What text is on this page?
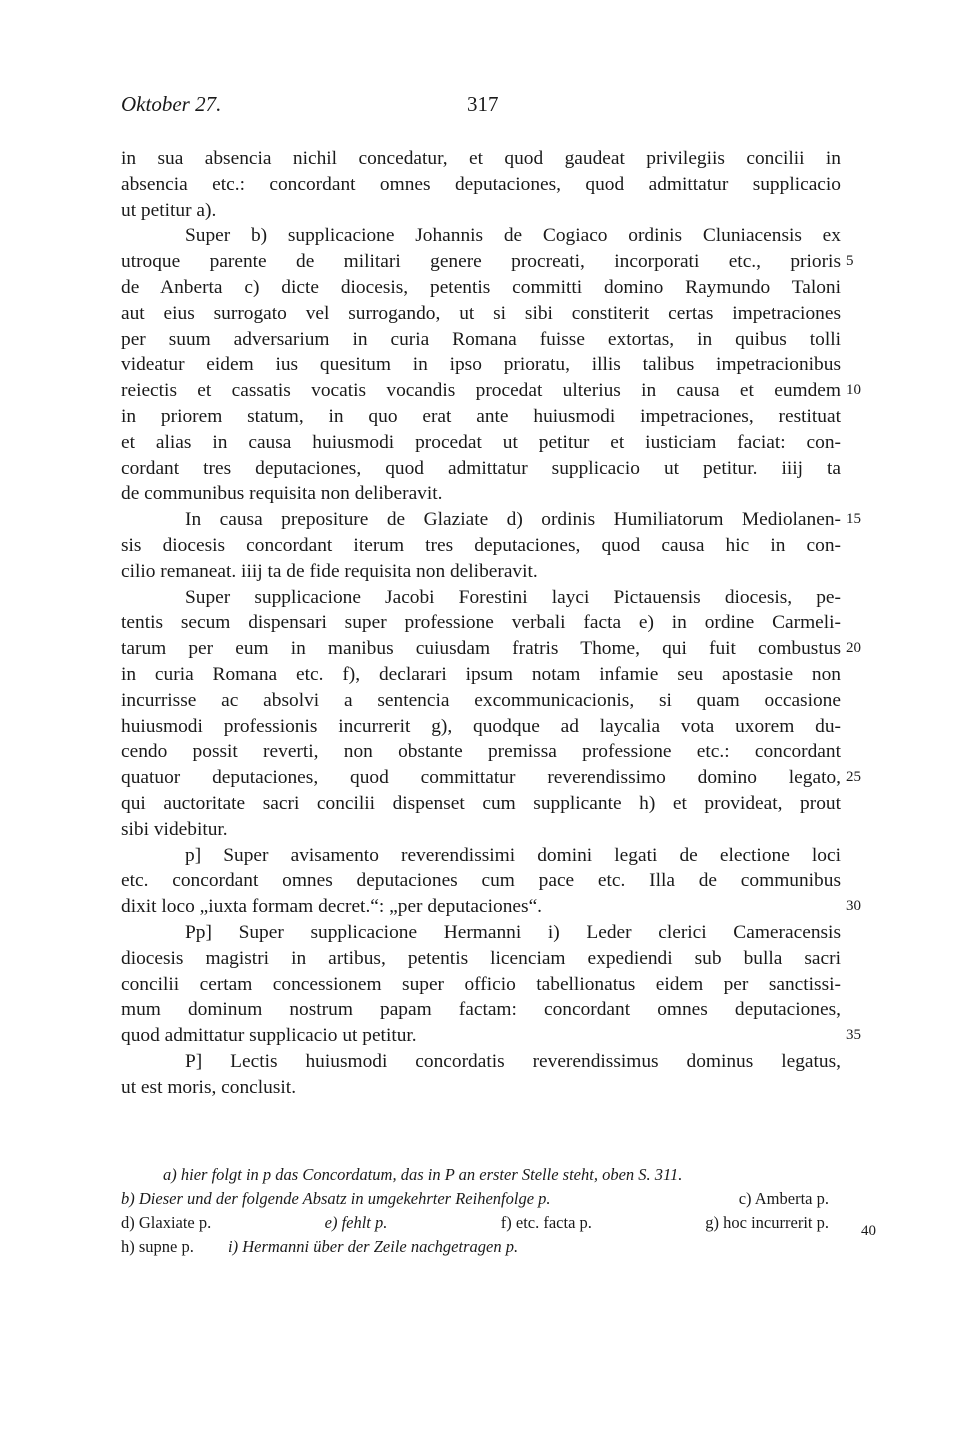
Oktober 27.	317
in sua absencia nichil concedatur, et quod gaudeat privilegiis concilii in
absencia etc.: concordant omnes deputaciones, quod admittatur supplicacio
ut petitur a).
Super b) supplicacione Johannis de Cogiaco ordinis Cluniacensis ex
utroque parente de militari genere procreati, incorporati etc., prioris 5
de Anberta c) dicte diocesis, petentis committi domino Raymundo Taloni
aut eius surrogato vel surrogando, ut si sibi constiterit certas impetraciones
per suum adversarium in curia Romana fuisse extortas, in quibus tolli
videatur eidem ius quesitum in ipso prioratu, illis talibus impetracionibus
reiectis et cassatis vocatis vocandis procedat ulterius in causa et eumdem 10
in priorem statum, in quo erat ante huiusmodi impetraciones, restituat
et alias in causa huiusmodi procedat ut petitur et iusticiam faciat: con-
cordant tres deputaciones, quod admittatur supplicacio ut petitur. iiij ta
de communibus requisita non deliberavit.
In causa prepositure de Glaziate d) ordinis Humiliatorum Mediolanen- 15
sis diocesis concordant iterum tres deputaciones, quod causa hic in con-
cilio remaneat. iiij ta de fide requisita non deliberavit.
Super supplicacione Jacobi Forestini layci Pictauensis diocesis, pe-
tentis secum dispensari super professione verbali facta e) in ordine Carmeli-
tarum per eum in manibus cuiusdam fratris Thome, qui fuit combustus 20
in curia Romana etc. f), declarari ipsum notam infamie seu apostasie non
incurrisse ac absolvi a sentencia excommunicacionis, si quam occasione
huiusmodi professionis incurrerit g), quodque ad laycalia vota uxorem du-
cendo possit reverti, non obstante premissa professione etc.: concordant
quatuor deputaciones, quod committatur reverendissimo domino legato, 25
qui auctoritate sacri concilii dispenset cum supplicante h) et provideat, prout
sibi videbitur.
p] Super avisamento reverendissimi domini legati de electione loci
etc. concordant omnes deputaciones cum pace etc. Illa de communibus
dixit loco „iuxta formam decret.“: „per deputaciones“.	30
Pp] Super supplicacione Hermanni i) Leder clerici Cameracensis
diocesis magistri in artibus, petentis licenciam expediendi sub bulla sacri
concilii certam concessionem super officio tabellionatus eidem per sanctissi-
mum dominum nostrum papam factam: concordant omnes deputaciones,
quod admittatur supplicacio ut petitur.	35
P] Lectis huiusmodi concordatis reverendissimus dominus legatus,
ut est moris, conclusit.
a) hier folgt in p das Concordatum, das in P an erster Stelle steht, oben S. 311.
b) Dieser und der folgende Absatz in umgekehrter Reihenfolge p.	c) Amberta p.
d) Glaxiate p.	e) fehlt p.	f) etc. facta p.	g) hoc incurrerit p.	40
h) supne p. i) Hermanni über der Zeile nachgetragen p.
